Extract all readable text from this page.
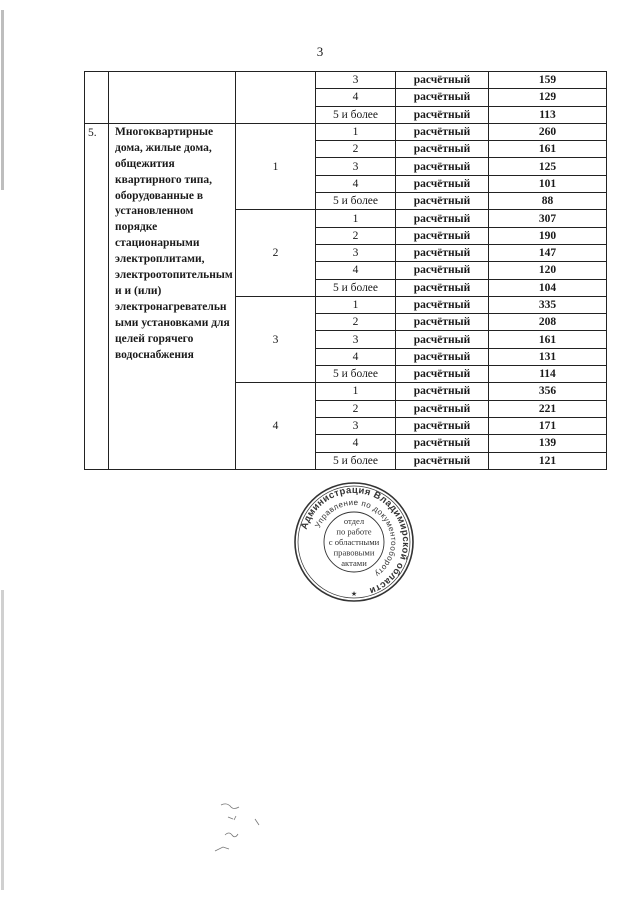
3
			3	расчётный	159
			4	расчётный	129
			5 и более	расчётный	113
5.	Многоквартирные дома, жилые дома, общежития квартирного типа, оборудованные в установленном порядке стационарными электроплитами, электроотопительными и (или) электронагревательными установками для целей горячего водоснабжения	1	1	расчётный	260
			2	расчётный	161
			3	расчётный	125
			4	расчётный	101
			5 и более	расчётный	88
		2	1	расчётный	307
			2	расчётный	190
			3	расчётный	147
			4	расчётный	120
			5 и более	расчётный	104
		3	1	расчётный	335
			2	расчётный	208
			3	расчётный	161
			4	расчётный	131
			5 и более	расчётный	114
		4	1	расчётный	356
			2	расчётный	221
			3	расчётный	171
			4	расчётный	139
			5 и более	расчётный	121
Администрация Владимирской области
Управление по документообороту
отдел по работе с областными правовыми актами
★
